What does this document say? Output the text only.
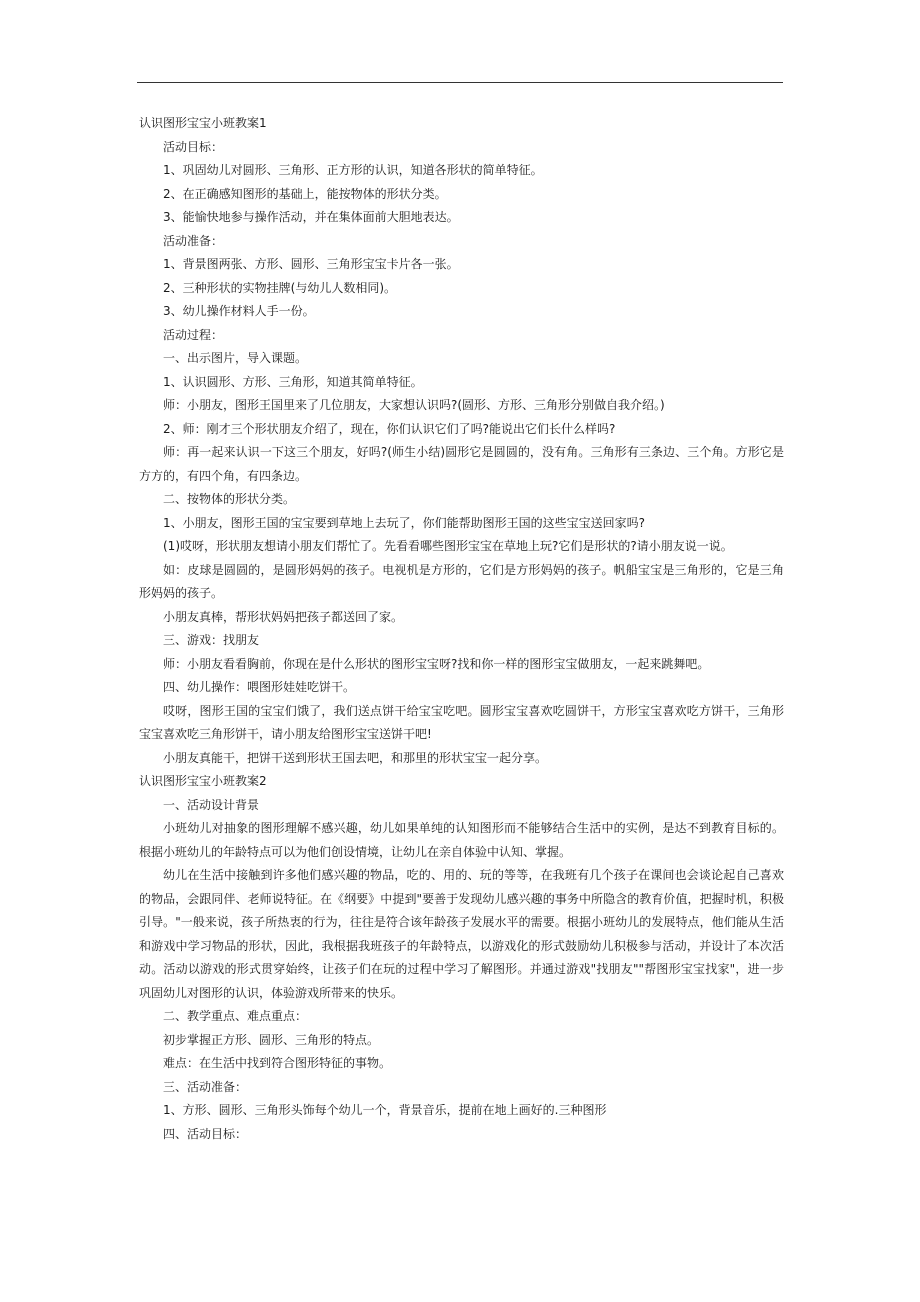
认识图形宝宝小班教案1

活动目标：

1、巩固幼儿对圆形、三角形、正方形的认识，知道各形状的简单特征。

2、在正确感知图形的基础上，能按物体的形状分类。

3、能愉快地参与操作活动，并在集体面前大胆地表达。

活动准备：

1、背景图两张、方形、圆形、三角形宝宝卡片各一张。

2、三种形状的实物挂牌(与幼儿人数相同)。

3、幼儿操作材料人手一份。

活动过程：

一、出示图片，导入课题。

1、认识圆形、方形、三角形，知道其简单特征。

师：小朋友，图形王国里来了几位朋友，大家想认识吗?(圆形、方形、三角形分别做自我介绍。)

2、师：刚才三个形状朋友介绍了，现在，你们认识它们了吗?能说出它们长什么样吗?

师：再一起来认识一下这三个朋友，好吗?(师生小结)圆形它是圆圆的，没有角。三角形有三条边、三个角。方形它是方方的，有四个角，有四条边。

二、按物体的形状分类。

1、小朋友，图形王国的宝宝要到草地上去玩了，你们能帮助图形王国的这些宝宝送回家吗?

(1)哎呀，形状朋友想请小朋友们帮忙了。先看看哪些图形宝宝在草地上玩?它们是形状的?请小朋友说一说。

如：皮球是圆圆的，是圆形妈妈的孩子。电视机是方形的，它们是方形妈妈的孩子。帆船宝宝是三角形的，它是三角形妈妈的孩子。

小朋友真棒，帮形状妈妈把孩子都送回了家。

三、游戏：找朋友

师：小朋友看看胸前，你现在是什么形状的图形宝宝呀?找和你一样的图形宝宝做朋友，一起来跳舞吧。

四、幼儿操作：喂图形娃娃吃饼干。

哎呀，图形王国的宝宝们饿了，我们送点饼干给宝宝吃吧。圆形宝宝喜欢吃圆饼干，方形宝宝喜欢吃方饼干，三角形宝宝喜欢吃三角形饼干，请小朋友给图形宝宝送饼干吧!

小朋友真能干，把饼干送到形状王国去吧，和那里的形状宝宝一起分享。

认识图形宝宝小班教案2

一、活动设计背景

小班幼儿对抽象的图形理解不感兴趣，幼儿如果单纯的认知图形而不能够结合生活中的实例，是达不到教育目标的。根据小班幼儿的年龄特点可以为他们创设情境，让幼儿在亲自体验中认知、掌握。

幼儿在生活中接触到许多他们感兴趣的物品，吃的、用的、玩的等等，在我班有几个孩子在课间也会谈论起自己喜欢的物品，会跟同伴、老师说特征。在《纲要》中提到"要善于发现幼儿感兴趣的事务中所隐含的教育价值，把握时机，积极引导。"一般来说，孩子所热衷的行为，往往是符合该年龄孩子发展水平的需要。根据小班幼儿的发展特点，他们能从生活和游戏中学习物品的形状，因此，我根据我班孩子的年龄特点，以游戏化的形式鼓励幼儿积极参与活动，并设计了本次活动。活动以游戏的形式贯穿始终，让孩子们在玩的过程中学习了解图形。并通过游戏"找朋友""帮图形宝宝找家"，进一步巩固幼儿对图形的认识，体验游戏所带来的快乐。

二、教学重点、难点重点：

初步掌握正方形、圆形、三角形的特点。

难点：在生活中找到符合图形特征的事物。

三、活动准备：

1、方形、圆形、三角形头饰每个幼儿一个，背景音乐，提前在地上画好的.三种图形

四、活动目标：
